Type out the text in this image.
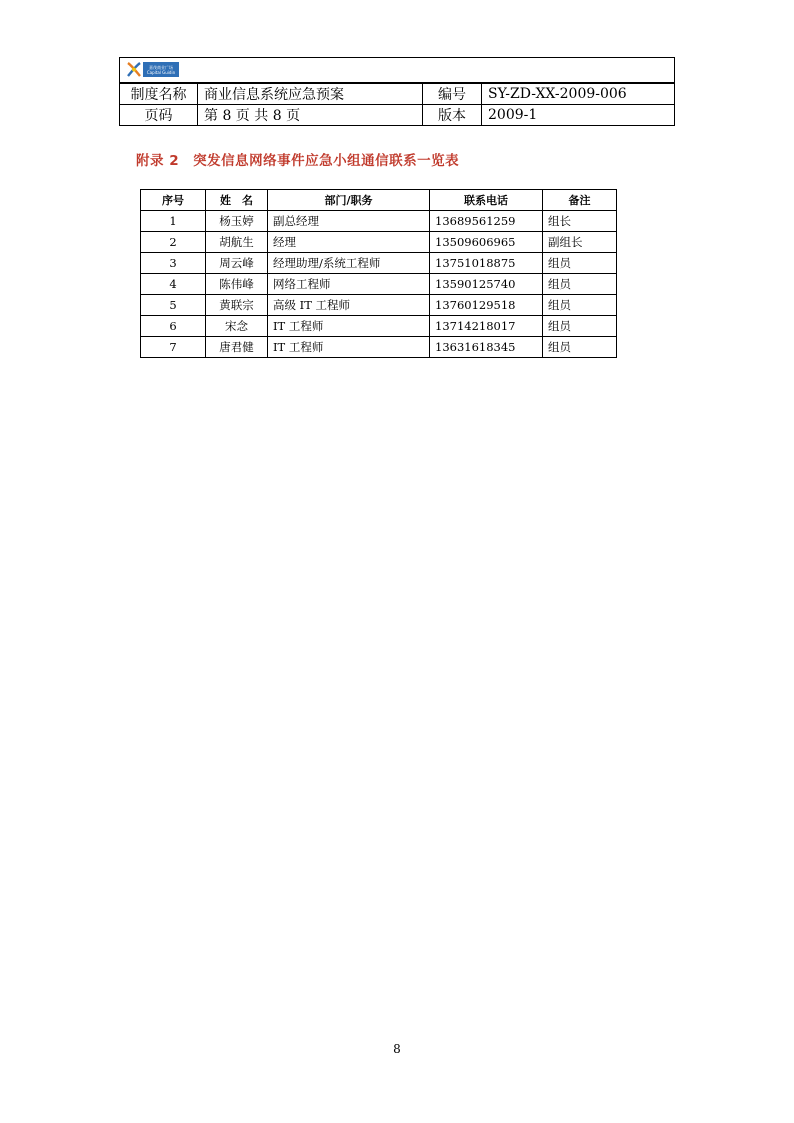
嘉茂商业广场
Capital Guidin
制度名称	商业信息系统应急预案	编号	SY-ZD-XX-2009-006
页码	第 8 页 共 8 页	版本	2009-1
附录 2 突发信息网络事件应急小组通信联系一览表
序号	姓　名	部门/职务	联系电话	备注
1	杨玉婷	副总经理	13689561259	组长
2	胡航生	经理	13509606965	副组长
3	周云峰	经理助理/系统工程师	13751018875	组员
4	陈伟峰	网络工程师	13590125740	组员
5	黄联宗	高级 IT 工程师	13760129518	组员
6	宋念	IT 工程师	13714218017	组员
7	唐君健	IT 工程师	13631618345	组员
8
